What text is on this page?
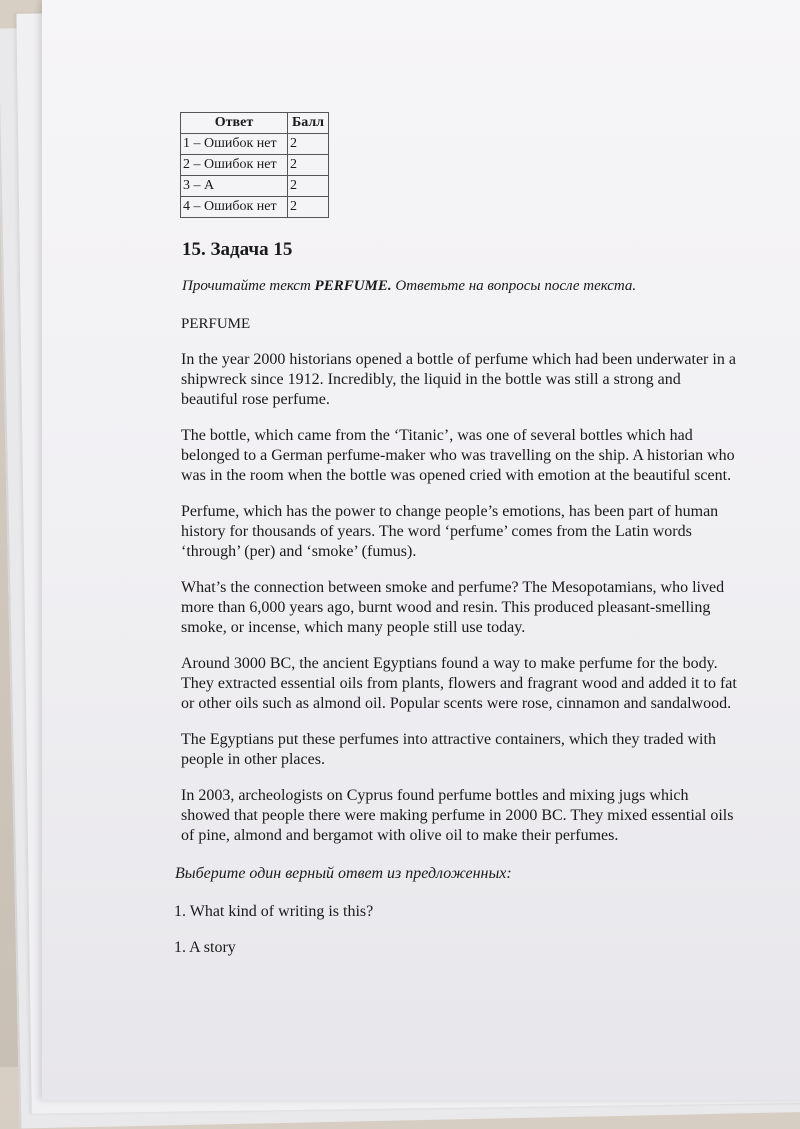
Ответ	Балл
1 – Ошибок нет	2
2 – Ошибок нет	2
3 – А	2
4 – Ошибок нет	2
15. Задача 15
Прочитайте текст PERFUME. Ответьте на вопросы после текста.
PERFUME

In the year 2000 historians opened a bottle of perfume which had been underwater in a shipwreck since 1912. Incredibly, the liquid in the bottle was still a strong and beautiful rose perfume.

The bottle, which came from the ‘Titanic’, was one of several bottles which had belonged to a German perfume-maker who was travelling on the ship. A historian who was in the room when the bottle was opened cried with emotion at the beautiful scent.

Perfume, which has the power to change people’s emotions, has been part of human history for thousands of years. The word ‘perfume’ comes from the Latin words ‘through’ (per) and ‘smoke’ (fumus).

What’s the connection between smoke and perfume? The Mesopotamians, who lived more than 6,000 years ago, burnt wood and resin. This produced pleasant-smelling smoke, or incense, which many people still use today.

Around 3000 BC, the ancient Egyptians found a way to make perfume for the body. They extracted essential oils from plants, flowers and fragrant wood and added it to fat or other oils such as almond oil. Popular scents were rose, cinnamon and sandalwood.

The Egyptians put these perfumes into attractive containers, which they traded with people in other places.

In 2003, archeologists on Cyprus found perfume bottles and mixing jugs which showed that people there were making perfume in 2000 BC. They mixed essential oils of pine, almond and bergamot with olive oil to make their perfumes.

Выберите один верный ответ из предложенных:
1. What kind of writing is this?
1. A story
